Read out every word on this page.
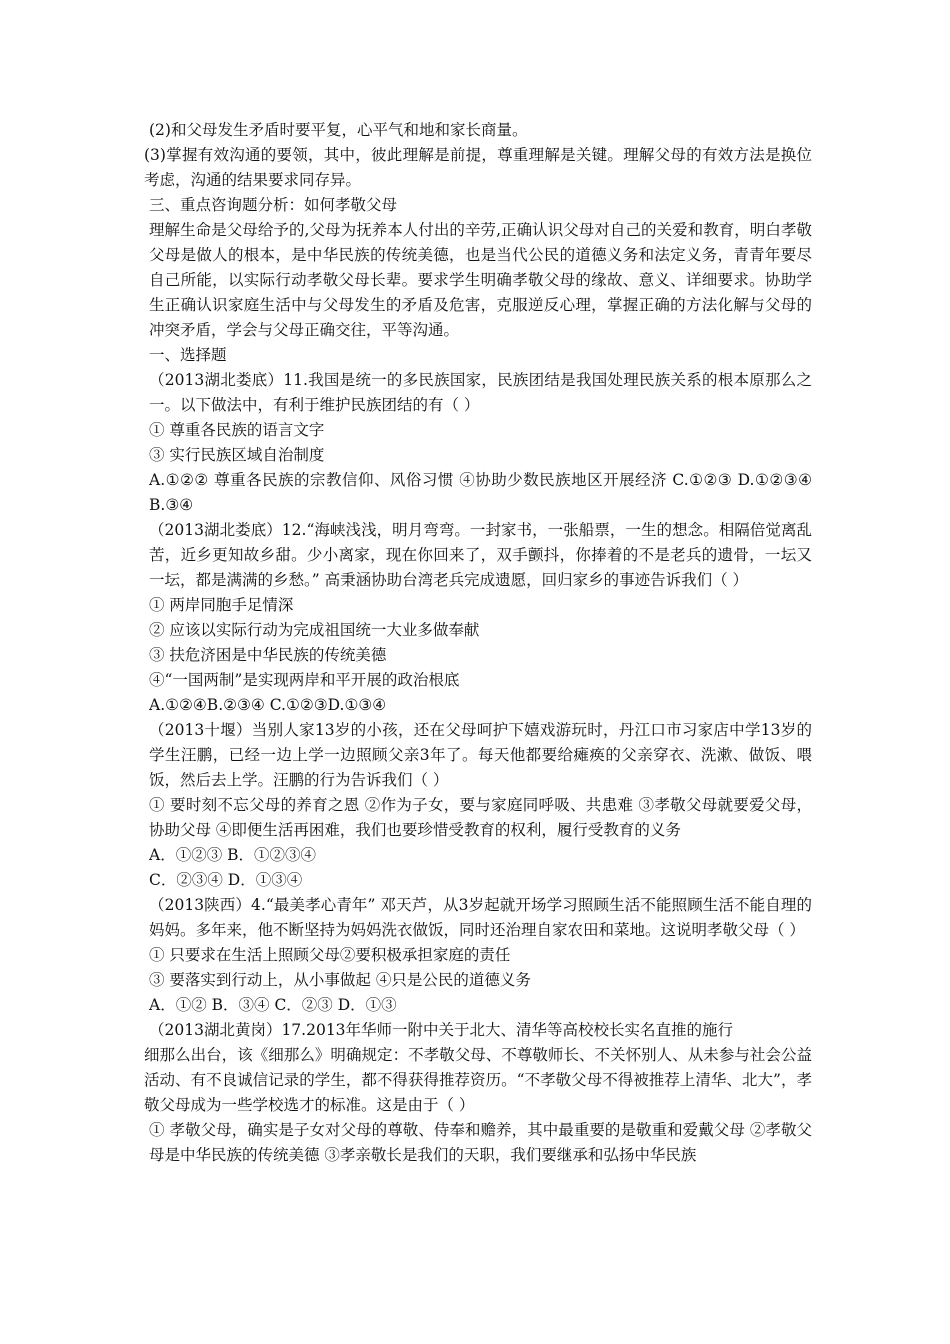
(2)和父母发生矛盾时要平复，心平气和地和家长商量。

(3)掌握有效沟通的要领，其中，彼此理解是前提，尊重理解是关键。理解父母的有效方法是换位考虑，沟通的结果要求同存异。

三、重点咨询题分析：如何孝敬父母

理解生命是父母给予的,父母为抚养本人付出的辛劳,正确认识父母对自己的关爱和教育，明白孝敬父母是做人的根本，是中华民族的传统美德，也是当代公民的道德义务和法定义务，青青年要尽自己所能，以实际行动孝敬父母长辈。要求学生明确孝敬父母的缘故、意义、详细要求。协助学生正确认识家庭生活中与父母发生的矛盾及危害，克服逆反心理，掌握正确的方法化解与父母的冲突矛盾，学会与父母正确交往，平等沟通。

一、选择题

（2013湖北娄底）11.我国是统一的多民族国家，民族团结是我国处理民族关系的根本原那么之一。以下做法中，有利于维护民族团结的有（ ）

① 尊重各民族的语言文字

③ 实行民族区域自治制度

A.①②② 尊重各民族的宗教信仰、风俗习惯 ④协助少数民族地区开展经济 C.①②③ D.①②③④ B.③④

（2013湖北娄底）12.“海峡浅浅，明月弯弯。一封家书，一张船票，一生的想念。相隔倍觉离乱苦，近乡更知故乡甜。少小离家，现在你回来了，双手颤抖，你捧着的不是老兵的遗骨，一坛又一坛，都是满满的乡愁。” 高秉涵协助台湾老兵完成遗愿，回归家乡的事迹告诉我们（ ）

① 两岸同胞手足情深

② 应该以实际行动为完成祖国统一大业多做奉献

③ 扶危济困是中华民族的传统美德

④“一国两制”是实现两岸和平开展的政治根底

A.①②④B.②③④ C.①②③D.①③④

（2013十堰）当别人家13岁的小孩，还在父母呵护下嬉戏游玩时，丹江口市习家店中学13岁的学生汪鹏，已经一边上学一边照顾父亲3年了。每天他都要给瘫痪的父亲穿衣、洗漱、做饭、喂饭，然后去上学。汪鹏的行为告诉我们（ ）

① 要时刻不忘父母的养育之恩 ②作为子女，要与家庭同呼吸、共患难 ③孝敬父母就要爱父母，协助父母 ④即便生活再困难，我们也要珍惜受教育的权利，履行受教育的义务

A．①②③ B．①②③④

C．②③④ D．①③④

（2013陕西）4.“最美孝心青年” 邓天芦，从3岁起就开场学习照顾生活不能照顾生活不能自理的妈妈。多年来，他不断坚持为妈妈洗衣做饭，同时还治理自家农田和菜地。这说明孝敬父母（ ）

① 只要求在生活上照顾父母②要积极承担家庭的责任

③ 要落实到行动上，从小事做起 ④只是公民的道德义务

A．①② B．③④ C．②③ D．①③

（2013湖北黄岗）17.2013年华师一附中关于北大、清华等高校校长实名直推的施行

细那么出台，该《细那么》明确规定：不孝敬父母、不尊敬师长、不关怀别人、从未参与社会公益活动、有不良诚信记录的学生，都不得获得推荐资历。“不孝敬父母不得被推荐上清华、北大”，孝敬父母成为一些学校选才的标准。这是由于（ ）

① 孝敬父母，确实是子女对父母的尊敬、侍奉和赡养，其中最重要的是敬重和爱戴父母 ②孝敬父母是中华民族的传统美德 ③孝亲敬长是我们的天职，我们要继承和弘扬中华民族
